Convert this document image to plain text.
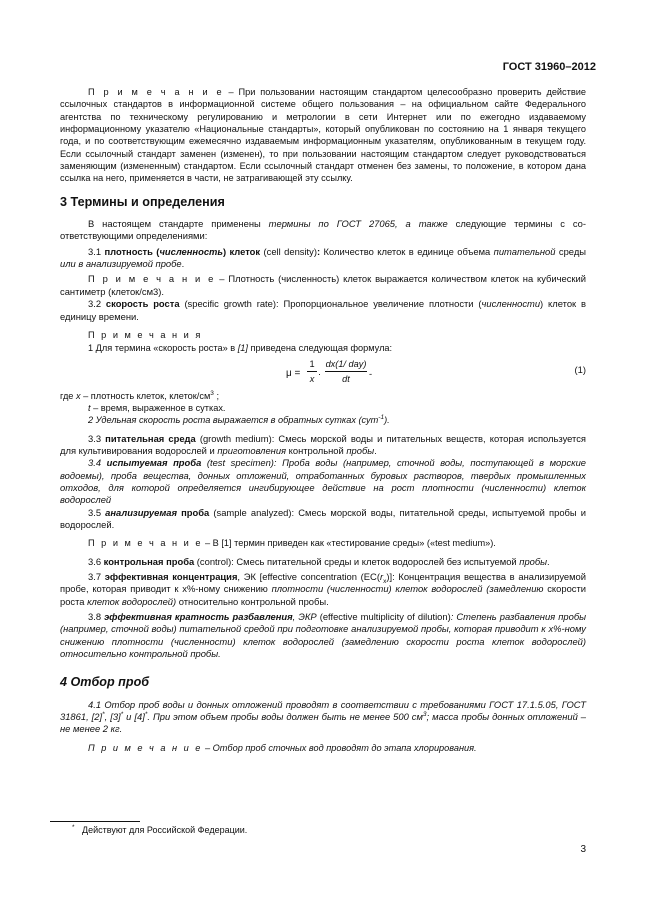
ГОСТ 31960–2012

П р и м е ч а н и е – При пользовании настоящим стандартом целесообразно проверить действие ссылочных стандартов в информационной системе общего пользования – на официальном сайте Федерального агентства по техническому регулированию и метрологии в сети Интернет или по ежегодно издаваемому информационному указателю «Национальные стандарты», который опубликован по состоянию на 1 января текущего года, и по соответствующим ежемесячно издаваемым информационным указателям, опубликованным в текущем году. Если ссылочный стандарт заменен (изменен), то при пользовании настоящим стандартом следует руководствоваться заменяющим (измененным) стандартом. Если ссылочный стандарт отменен без замены, то положение, в котором дана ссылка на него, применяется в части, не затрагивающей эту ссылку.

3 Термины и определения

В настоящем стандарте применены термины по ГОСТ 27065, а также следующие термины с соответствующими определениями:

3.1 плотность (численность) клеток (cell density): Количество клеток в единице объема питательной среды или в анализируемой пробе.

П р и м е ч а н и е – Плотность (численность) клеток выражается количеством клеток на кубический сантиметр (клеток/см3).

3.2 скорость роста (specific growth rate): Пропорциональное увеличение плотности (численности) клеток в единицу времени.

П р и м е ч а н и я

1 Для термина «скорость роста» в [1] приведена следующая формула:

$\mu = \frac{1}{x}$ ·
dx(1/ day)
dt
-	(1)

где x – плотность клеток, клеток/$см^3$ ;

t – время, выраженное в сутках.

2 Удельная скорость роста выражается в обратных сутках (сут$^{-1}$).

3.3 питательная среда (growth medium): Смесь морской воды и питательных веществ, которая используется для культивирования водорослей и приготовления контрольной пробы.

3.4 испытуемая проба (test specimen): Проба воды (например, сточной воды, поступающей в морские водоемы), проба вещества, донных отложений, отработанных буровых растворов, твердых промышленных отходов, для которой определяется ингибирующее действие на рост плотности (численности) клеток водорослей

3.5 анализируемая проба (sample analyzed): Смесь морской воды, питательной среды, испытуемой пробы и водорослей.

П р и м е ч а н и е – В [1] термин приведен как «тестирование среды» («test medium»).

3.6 контрольная проба (control): Смесь питательной среды и клеток водорослей без испытуемой пробы.

3.7 эффективная концентрация, ЭК [effective concentration $(EC(r_x)]$: Концентрация вещества в анализируемой пробе, которая приводит к x%-ному снижению плотности (численности) клеток водорослей (замедлению скорости роста клеток водорослей) относительно контрольной пробы.

3.8 эффективная кратность разбавления, ЭКР (effective multiplicity of dilution): Степень разбавления пробы (например, сточной воды) питательной средой при подготовке анализируемой пробы, которая приводит к x%-ному снижению плотности (численности) клеток водорослей (замедлению скорости роста клеток водорослей) относительно контрольной пробы.

4 Отбор проб

4.1 Отбор проб воды и донных отложений проводят в соответствии с требованиями ГОСТ 17.1.5.05, ГОСТ 31861, [2]*, [3]* и [4]*. При этом объем пробы воды должен быть не менее 500 $см^3$; масса пробы донных отложений – не менее 2 кг.

П р и м е ч а н и е – Отбор проб сточных вод проводят до этапа хлорирования.

* Действуют для Российской Федерации.
3
